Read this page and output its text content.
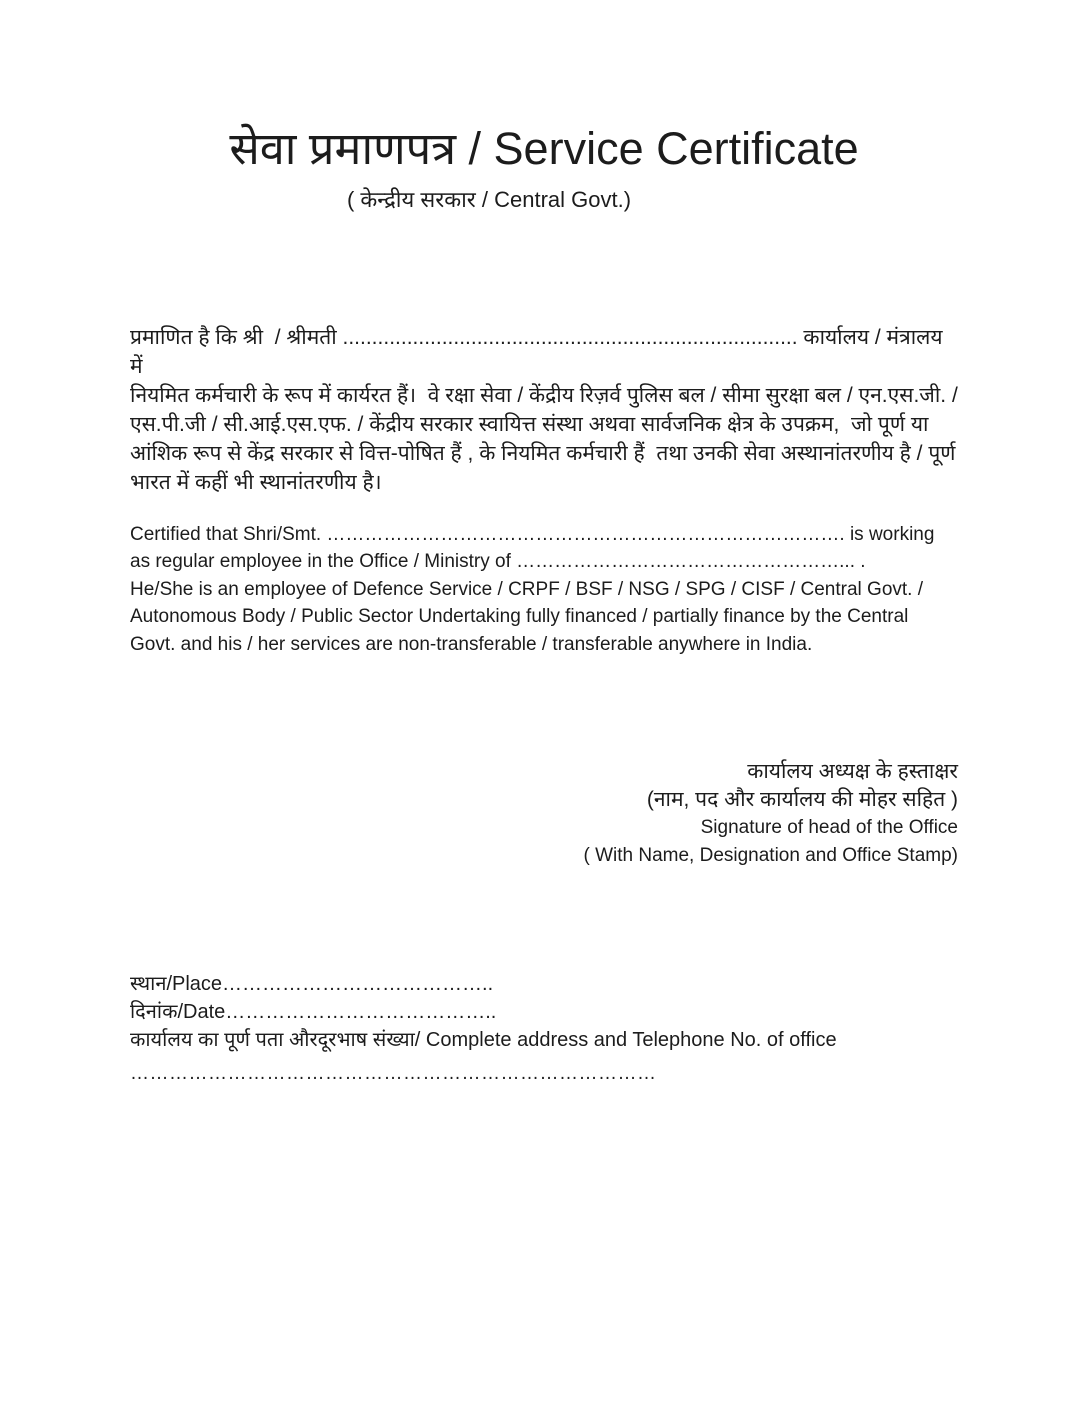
सेवा प्रमाणपत्र / Service Certificate
( केन्द्रीय सरकार / Central Govt.)
प्रमाणित है कि श्री  / श्रीमती .............................................................................. कार्यालय / मंत्रालय में
नियमित कर्मचारी के रूप में कार्यरत हैं।  वे रक्षा सेवा / केंद्रीय रिज़र्व पुलिस बल / सीमा सुरक्षा बल / एन.एस.जी. /
एस.पी.जी / सी.आई.एस.एफ. / केंद्रीय सरकार स्वायित्त संस्था अथवा सार्वजनिक क्षेत्र के उपक्रम,  जो पूर्ण या
आंशिक रूप से केंद्र सरकार से वित्त-पोषित हैं , के नियमित कर्मचारी हैं  तथा उनकी सेवा अस्थानांतरणीय है / पूर्ण
भारत में कहीं भी स्थानांतरणीय है।
Certified that Shri/Smt. ………………………………………………………………………. is working
as regular employee in the Office / Ministry of ……………………………………………... .
He/She is an employee of Defence Service / CRPF / BSF / NSG / SPG / CISF / Central Govt. /
Autonomous Body / Public Sector Undertaking fully financed / partially finance by the Central
Govt. and his / her services are non-transferable / transferable anywhere in India.
कार्यालय अध्यक्ष के हस्ताक्षर
(नाम, पद और कार्यालय की मोहर सहित )
Signature of head of the Office
( With Name, Designation and Office Stamp)
स्थान/Place…………………………………..
दिनांक/Date…………………………………..
कार्यालय का पूर्ण पता औरदूरभाष संख्या/ Complete address and Telephone No. of office
………………………………………………………………………
